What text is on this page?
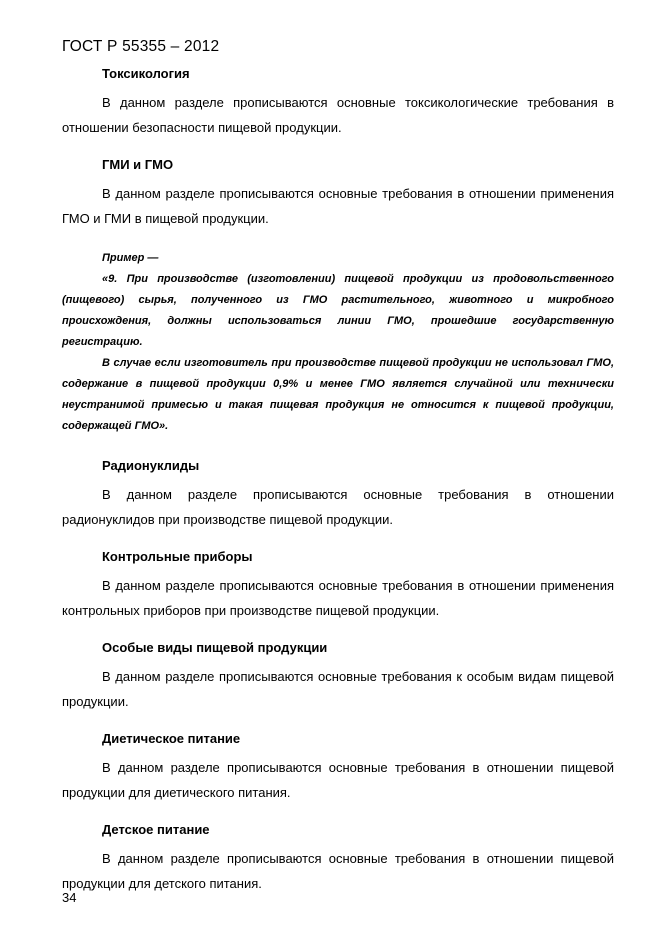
ГОСТ Р 55355 – 2012

Токсикология

В данном разделе прописываются основные токсикологические требования в отношении безопасности пищевой продукции.

ГМИ и ГМО

В данном разделе прописываются основные требования в отношении применения ГМО и ГМИ в пищевой продукции.

Пример —

«9. При производстве (изготовлении) пищевой продукции из продовольственного (пищевого) сырья, полученного из ГМО растительного, животного и микробного происхождения, должны использоваться линии ГМО, прошедшие государственную регистрацию.

В случае если изготовитель при производстве пищевой продукции не использовал ГМО, содержание в пищевой продукции 0,9% и менее ГМО является случайной или технически неустранимой примесью и такая пищевая продукция не относится к пищевой продукции, содержащей ГМО».

Радионуклиды

В данном разделе прописываются основные требования в отношении радионуклидов при производстве пищевой продукции.

Контрольные приборы

В данном разделе прописываются основные требования в отношении применения контрольных приборов при производстве пищевой продукции.

Особые виды пищевой продукции

В данном разделе прописываются основные требования к особым видам пищевой продукции.

Диетическое питание

В данном разделе прописываются основные требования в отношении пищевой продукции для диетического питания.

Детское питание

В данном разделе прописываются основные требования в отношении пищевой продукции для детского питания.

34
